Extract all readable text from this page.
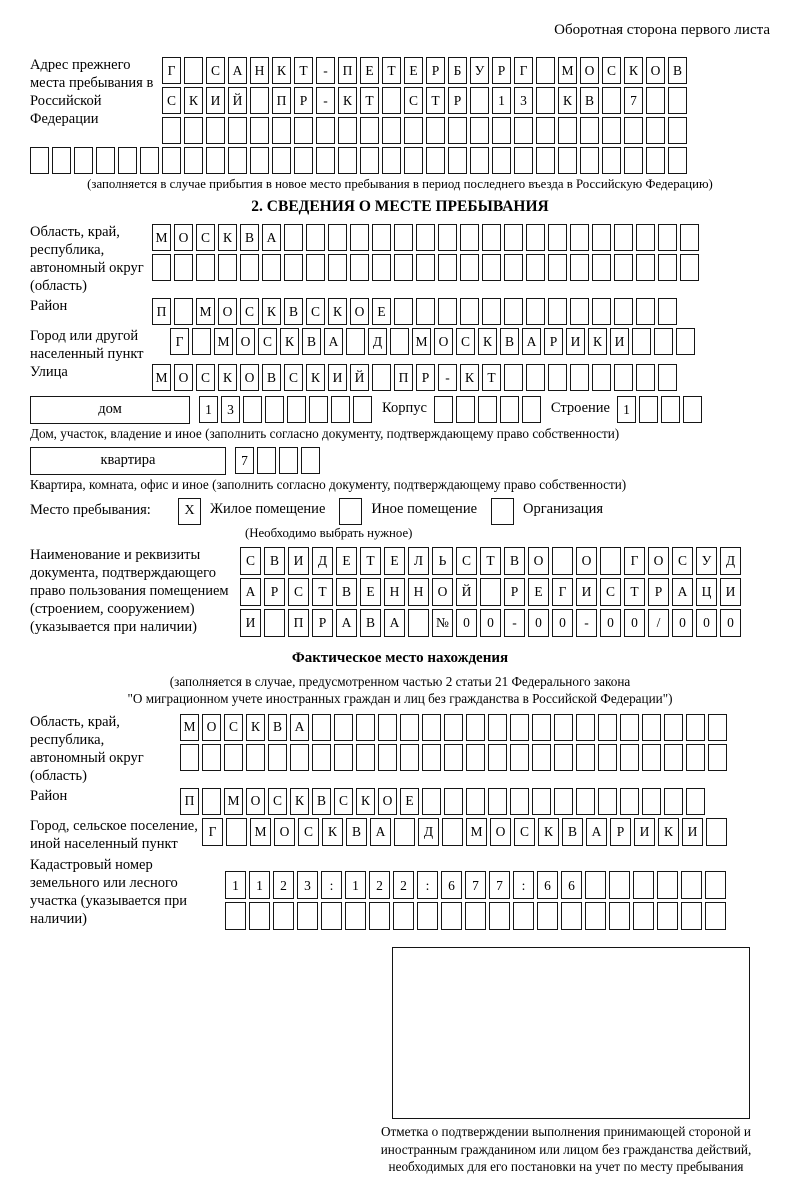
Оборотная сторона первого листа
Адрес прежнего места пребывания в Российской Федерации
Г	С А Н К Т	-	П Е	Т	Е	Р	Б У Р	Г	М О С К О В
С К И Й	П Р	-	К Т	С Т	Р	1	3	К В	7
(заполняется в случае прибытия в новое место пребывания в период последнего въезда в Российскую Федерацию)
2. СВЕДЕНИЯ О МЕСТЕ ПРЕБЫВАНИЯ
Область, край, республика, автономный округ (область)
М О С К В А
Район	П	М О С К В С К О Е
Город или другой населенный пункт
Г	М О С К В А	Д	М О С К В А Р И К И
Улица	М О С К О В С К И Й	П Р	-	К Т
дом	1	3	Корпус	Строение 1
Дом, участок, владение и иное (заполнить согласно документу, подтверждающему право собственности)
квартира	7
Квартира, комната, офис и иное (заполнить согласно документу, подтверждающему право собственности)
Место пребывания:	X	Жилое помещение	Иное помещение	Организация
(Необходимо выбрать нужное)
Наименование и реквизиты документа, подтверждающего право пользования помещением (строением, сооружением) (указывается при наличии)
С	В	И	Д	Е	Т	Е	Л	Ь	С	Т	В	О	О	Г	О	С	У	Д
А	Р	С	Т	В	Е	Н	Н	О	Й	Р	Е	Г	И	С	Т	Р	А	Ц	И
И	П	Р	А	В	А	№	0	0	-	0	0	-	0	0	/	0	0	0
Фактическое место нахождения
(заполняется в случае, предусмотренном частью 2 статьи 21 Федерального закона
"О миграционном учете иностранных граждан и лиц без гражданства в Российской Федерации")
Область, край, республика, автономный округ (область)
М О С К В А
Район	П	М О С К В С К О Е
Город, сельское поселение, иной населенный пункт
Г	М О	С	К	В	А	Д	М О	С	К	В	А	Р	И	К	И
Кадастровый номер земельного или лесного участка (указывается при наличии)
1	1	2	3	:	1	2	2	:	6	7	7	:	6	6
Отметка о подтверждении выполнения принимающей стороной и иностранным гражданином или лицом без гражданства действий, необходимых для его постановки на учет по месту пребывания
